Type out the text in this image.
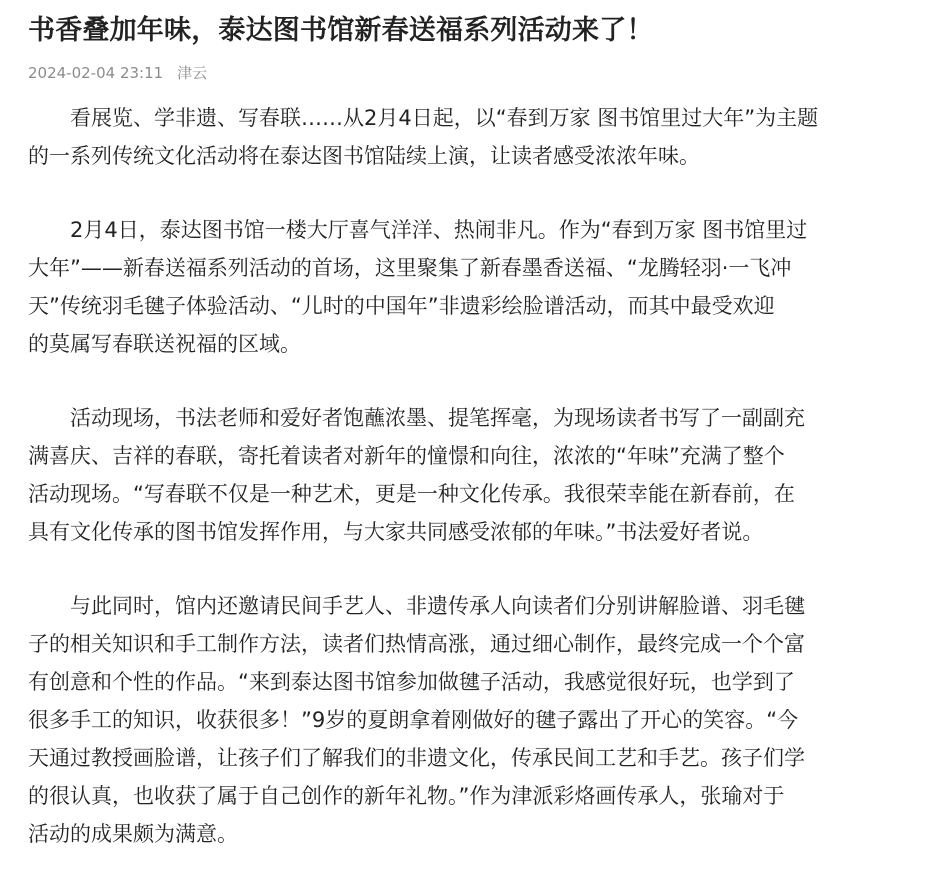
书香叠加年味，泰达图书馆新春送福系列活动来了！
2024-02-04 23:11 津云
看展览、学非遗、写春联……从2月4日起，以“春到万家 图书馆里过大年”为主题
的一系列传统文化活动将在泰达图书馆陆续上演，让读者感受浓浓年味。
2月4日，泰达图书馆一楼大厅喜气洋洋、热闹非凡。作为“春到万家 图书馆里过
大年”——新春送福系列活动的首场，这里聚集了新春墨香送福、“龙腾轻羽·一飞冲
天”传统羽毛毽子体验活动、“儿时的中国年”非遗彩绘脸谱活动，而其中最受欢迎
的莫属写春联送祝福的区域。
活动现场，书法老师和爱好者饱蘸浓墨、提笔挥毫，为现场读者书写了一副副充
满喜庆、吉祥的春联，寄托着读者对新年的憧憬和向往，浓浓的“年味”充满了整个
活动现场。“写春联不仅是一种艺术，更是一种文化传承。我很荣幸能在新春前，在
具有文化传承的图书馆发挥作用，与大家共同感受浓郁的年味。”书法爱好者说。
与此同时，馆内还邀请民间手艺人、非遗传承人向读者们分别讲解脸谱、羽毛毽
子的相关知识和手工制作方法，读者们热情高涨，通过细心制作，最终完成一个个富
有创意和个性的作品。“来到泰达图书馆参加做毽子活动，我感觉很好玩，也学到了
很多手工的知识，收获很多！”9岁的夏朗拿着刚做好的毽子露出了开心的笑容。“今
天通过教授画脸谱，让孩子们了解我们的非遗文化，传承民间工艺和手艺。孩子们学
的很认真，也收获了属于自己创作的新年礼物。”作为津派彩烙画传承人，张瑜对于
活动的成果颇为满意。
